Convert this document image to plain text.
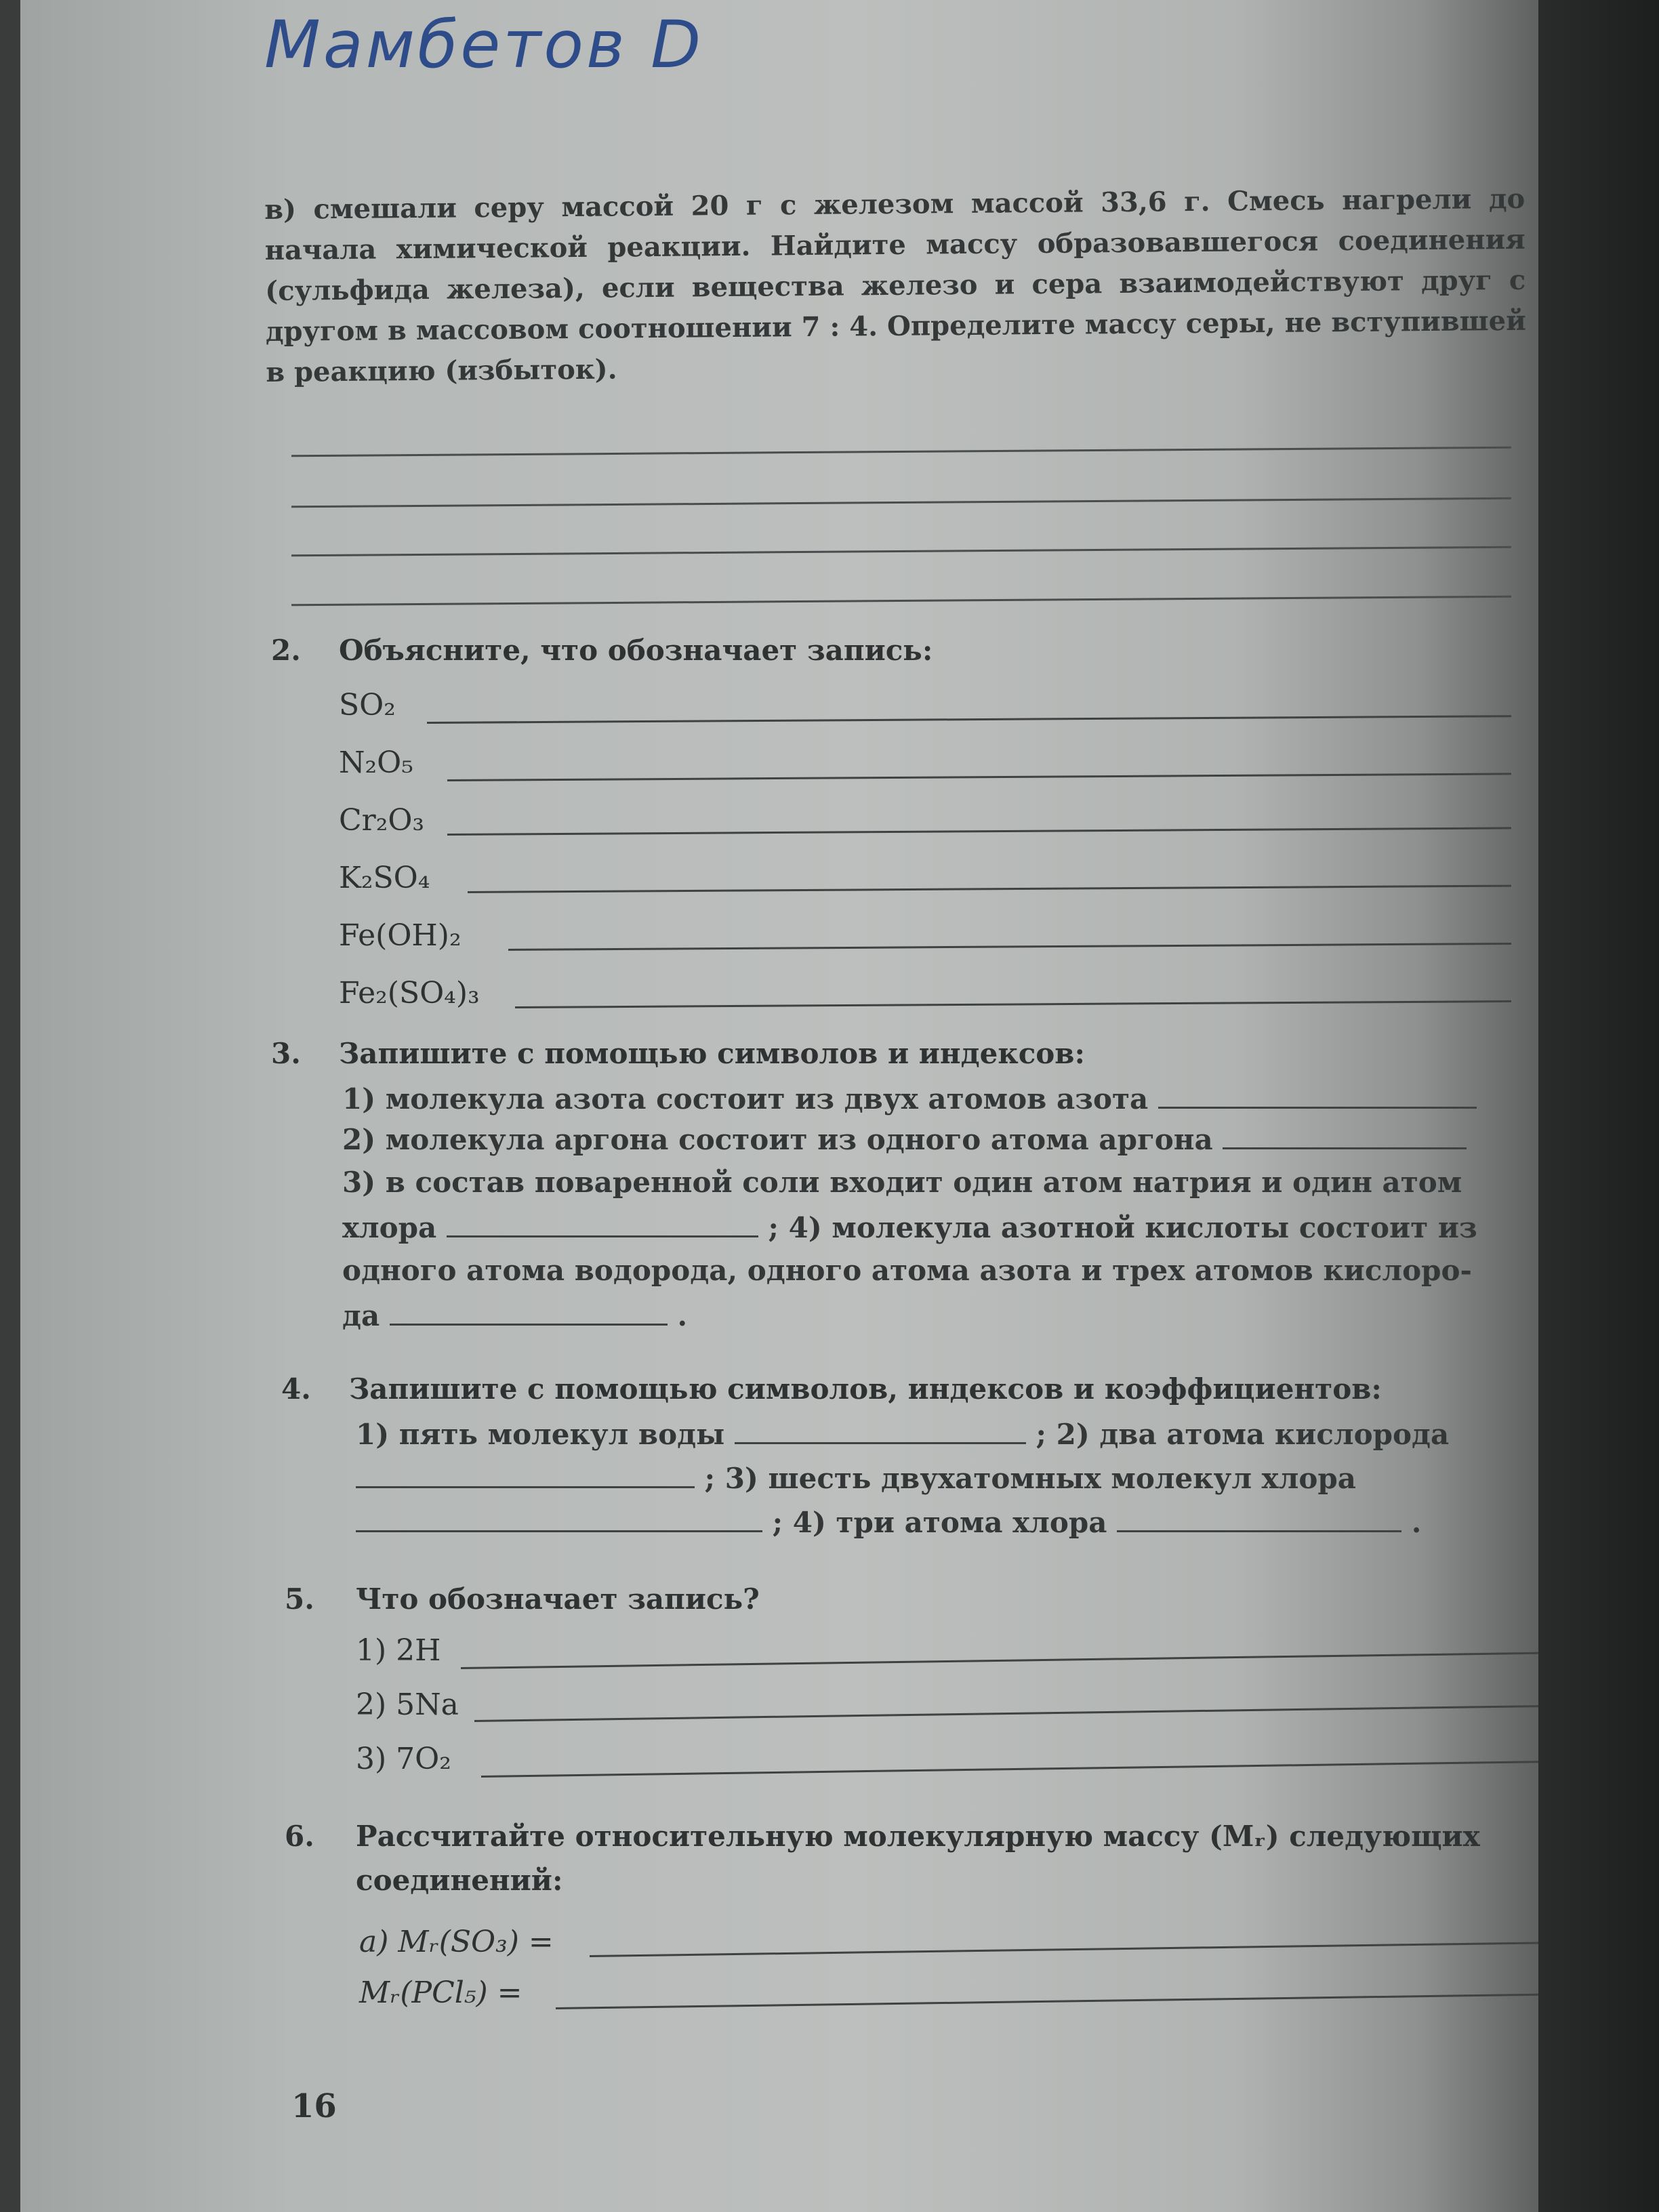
Мамбетов D
в) смешали серу массой 20 г с железом массой 33,6 г. Смесь нагрели до начала химической реакции. Найдите массу образовавшегося соединения (сульфида железа), если вещества железо и сера взаимодействуют друг с другом в массовом соотношении 7 : 4. Определите массу серы, не вступившей в реакцию (избыток).
2. Объясните, что обозначает запись:
SO₂
N₂O₅
Cr₂O₃
K₂SO₄
Fe(OH)₂
Fe₂(SO₄)₃
3. Запишите с помощью символов и индексов:
1) молекула азота состоит из двух атомов азота
2) молекула аргона состоит из одного атома аргона
3) в состав поваренной соли входит один атом натрия и один атом
хлора	; 4) молекула азотной кислоты состоит из
одного атома водорода, одного атома азота и трех атомов кислоро-
да	.
4. Запишите с помощью символов, индексов и коэффициентов:
1) пять молекул воды	; 2) два атома кислорода
; 3) шесть двухатомных молекул хлора
; 4) три атома хлора	.
5. Что обозначает запись?
1) 2H
2) 5Na
3) 7O₂
6. Рассчитайте относительную молекулярную массу (Mᵣ) следующих
соединений:
а) Mᵣ(SO₃) =
Mᵣ(PCl₅) =
16
